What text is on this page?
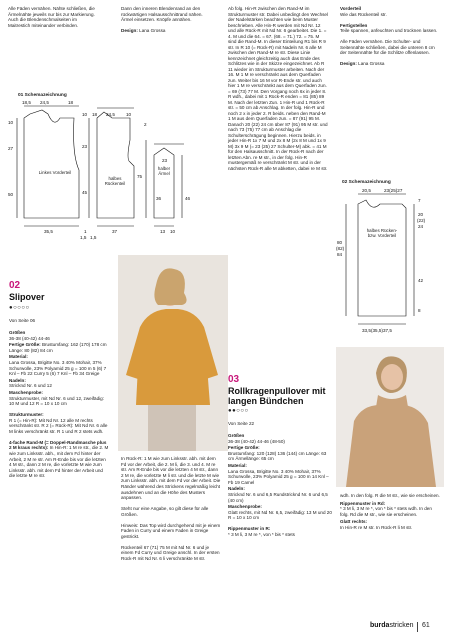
Alle Fäden vernähen. Nähte schließen, die Ärmelnähte jeweils nur bis zur Markierung. Auch die Blendenschmalseiten im Maitrestich miteinander verbinden.

Dann den inneren Blendenrand an den rückwärtigen Halsausschnittrand nähen. Ärmel einsetzen. Knöpfe annähen.

Design: Lana Grossa

01 Schemazeichnung
18,5 24,5	18
10 18 24,5 10
2
10
27
50
23
45
75
36	46
23
35,5	1
1,5 1,5
37	13 10
Linkes Vorderteil
halbes Rückenteil
halber Ärmel

Ab folg. Hin-R zwischen den Rand-M im Strukturmuster str. Dabei unbedingt den Wechsel der Nadelstärken beachten wie beim Muster beschrieben. Alle Hin-R werden mit Nd Nr. 12 und alle Rück-R mit Nd Nr. 6 gearbeitet. Die 1. = 4. M und die 64. = 67. (68. = 71.) 72. = 75. M sind die Rand-M. In dieser Einteilung R1 bis R 9 str. In R 10 (= Rück-R) mit Nadeln Nr. 6 alle M zwischen den Rand-M re str. Diese Linie kennzeichnet gleichzeitig auch das Ende des Schlitzes wie in der Skizze eingezeichnet. Ab R 11 wieder im Strukturmuster arbeiten. Nach der 16. M 1 M re verschränkt aus dem Querfaden zun. Weiter bis 16 M vor R-Ende str. und auch hier 1 M re verschränkt aus dem Querfaden zun. = 69 (73) 77 M. Den Vorgang noch 6x in jeder 8. R wdh., dabei mit 1 Rück-R enden = 81 (85) 89 M. Nach der letzten Zun. 1 Hin-R und 1 Rück-R str. = 50 cm ab Anschlag. In der folg. Hin-R und noch 2 x in jeder 2. R beids. neben den Rand-M 1 M aus dem Querfaden zun. = 87 (91) 95 M. Danach 20 (22) 24 cm über 87 (91) 95 M str. und nach 73 (75) 77 cm ab Anschlag die Schulterschrägung beginnen. Hierzu beids. in jeder Hin-R 1x 7 M und 2x 8 M (2x 8 M und 1x 9 M) 3x 9 M (= 23 (25) 27 Schulter-M) abk. = 41 M für den Halsausschnitt. In der Rück-R nach der letzten Abn. re M str., in der folg. Hin-R mustergemäß re verschränkt M str. und in der nächsten Rück-R alle M abketten, dabei re M str.

Vorderteil
Wie das Rückenteil str.

Fertigstellen
Teile spannen, anfeuchten und trocknen lassen.

Alle Fäden vernähen. Die Schulter- und Seitennähte schließen, dabei die unteren 8 cm der Seitennähte für die Schlitze offenlassen.

Design: Lana Grossa

02 Schemazeichnung
20,5	23(25)27
7
20
(22)
24
80
(82)
84
42
8
33,5(35,5)37,5
halbes Rücken- bzw. Vorderteil
02
Slipover
●○○○○
Von Seite 06

Größen
36-38 (40-42) 44-46

Fertige Größe: Brustumfang: 162 (170) 178 cm Länge: 80 (82) 84 cm

Material:
Lana Grossa, Brigitte No. 3 40% Mohair, 37% Schurwolle, 23% Polyamid 25 g = 100 m 5 (6) 7 Knl – Fb 22 Curry 5 (6) 7 Knl – Fb 34 Greige

Nadeln:
Stricknd Nr. 6 und 12

Maschenprobe:
Strukturmuster, mit Nd Nr. 6 und 12, zweifädig: 10 M und 12 R = 10 x 10 cm

Strukturmuster:
R 1 (= Hin-R): Mit Nd Nr. 12 alle M rechts verschränkt str. R 2 (= Rück-R): Mit Nd Nr. 6 alle M links verschränkt str. R 1 und R 2 stets wdh.

4-fache Rand-M (= Doppel-Randmasche plus 2 M kraus rechts): In Hin-R: 1 M re str., die 2. M wie zum Linksstr. abh., mit dem Fd hinter der Arbeit, 2 M re str. Am R-Ende bis vor die letzten 4 M str., dann 2 M re, die vorletzte M wie zum Linksstr. abh. mit dem Fd hinter der Arbeit und die letzte M re str.

In Rück-R: 1 M wie zum Linksstr. abh. mit dem Fd vor der Arbeit, die 2. M li, die 3. und 4. M re str. Am R-Ende bis vor die letzten 4 M str., dann 2 M re, die vorletzte M li str. und die letzte M wie zum Linksstr. abh. mit dem Fd vor der Arbeit. Die Ränder während des Strickens regelmäßig leicht ausdehnen und an die Höhe des Musters anpassen.

Steht nur eine Angabe, so gilt diese für alle Größen.

Hinweis: Das Top wird durchgehend mit je einem Faden in Curry und einem Faden in Greige gestrickt.

Rückenteil 67 (71) 75 M mit Nd Nr. 6 und je einem Fd Curry und Greige anschl. In der ersten Rück-R mit Nd Nr. 6 li verschränkte M str.

03
Rollkragenpullover mit langen Bündchen
●●○○○
Von Seite 22

Größen
36-38 (40-42) 44-46 (48-50)

Fertige Größe:
Brustumfang: 120 (128) 136 (144) cm Länge: 63 cm Ärmellänge: 65 cm

Material:
Lana Grossa, Brigitte No. 3 40% Mohair, 37% Schurwolle, 23% Polyamid 25 g = 100 m 14 Knl – Fb 19 Camel

Nadeln:
Stricknd Nr. 6 und 6,5 Rundstricknd Nr. 6 und 6,5 (40 cm)

Maschenprobe:
Glatt rechts, mit Nd Nr. 6,5, zweifädig: 13 M und 20 R = 10 x 10 cm

Rippenmuster in R:
* 3 M li, 3 M re *, von * bis * stets

wdh. In den folg. R die M str., wie sie erscheinen.

Rippenmuster in Rd:
* 3 M li, 3 M re *, von * bis * stets wdh. In den folg. Rd die M str., wie sie erscheinen.

Glatt rechts:
In Hin-R re M str. In Rück-R li M str.

burdastricken 61
